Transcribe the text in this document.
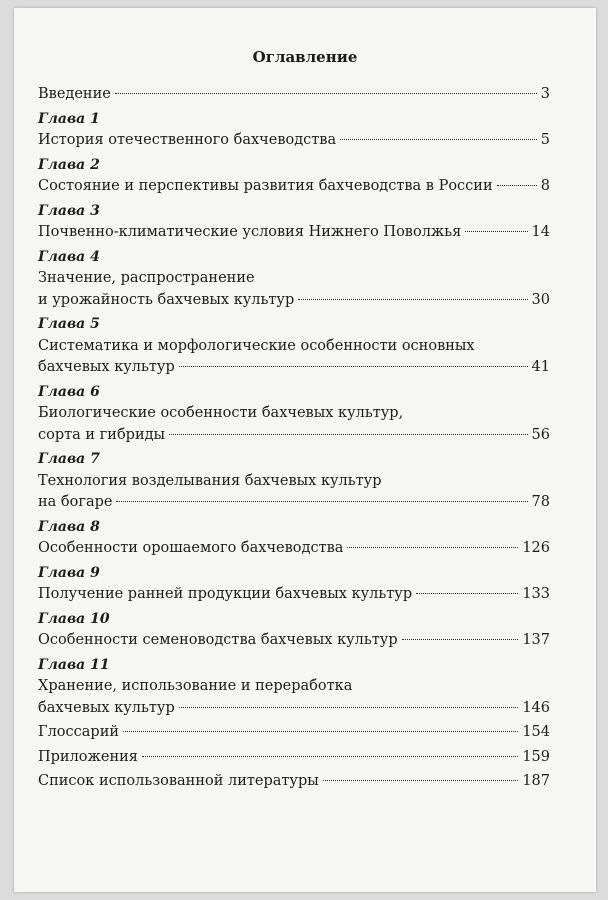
Оглавление
Введение	3
Глава 1
История отечественного бахчеводства	5
Глава 2
Состояние и перспективы развития бахчеводства в России	8
Глава 3
Почвенно-климатические условия Нижнего Поволжья	14
Глава 4
Значение, распространение
и урожайность бахчевых культур	30
Глава 5
Систематика и морфологические особенности основных
бахчевых культур	41
Глава 6
Биологические особенности бахчевых культур,
сорта и гибриды	56
Глава 7
Технология возделывания бахчевых культур
на богаре	78
Глава 8
Особенности орошаемого бахчеводства	126
Глава 9
Получение ранней продукции бахчевых культур	133
Глава 10
Особенности семеноводства бахчевых культур	137
Глава 11
Хранение, использование и переработка
бахчевых культур	146
Глоссарий	154
Приложения	159
Список использованной литературы	187
